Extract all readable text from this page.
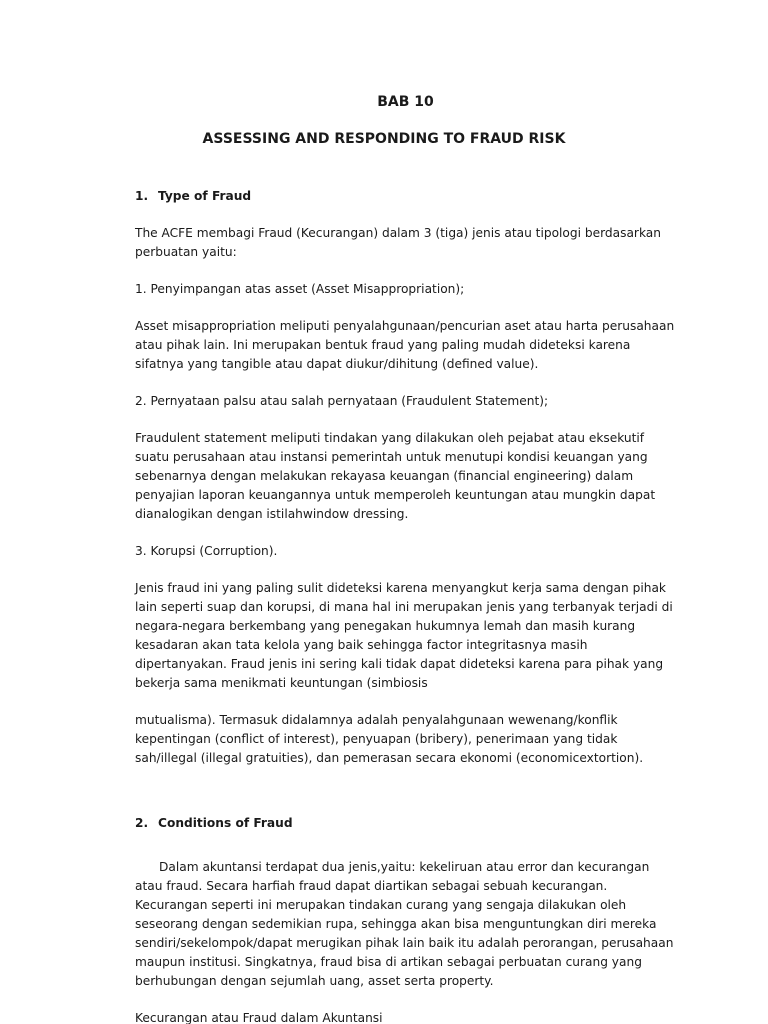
BAB 10

ASSESSING AND RESPONDING TO FRAUD RISK

1. Type of Fraud

The ACFE membagi Fraud (Kecurangan) dalam 3 (tiga) jenis atau tipologi berdasarkan perbuatan yaitu:

1. Penyimpangan atas asset (Asset Misappropriation);

Asset misappropriation meliputi penyalahgunaan/pencurian aset atau harta perusahaan atau pihak lain. Ini merupakan bentuk fraud yang paling mudah dideteksi karena sifatnya yang tangible atau dapat diukur/dihitung (defined value).

2. Pernyataan palsu atau salah pernyataan (Fraudulent Statement);

Fraudulent statement meliputi tindakan yang dilakukan oleh pejabat atau eksekutif suatu perusahaan atau instansi pemerintah untuk menutupi kondisi keuangan yang sebenarnya dengan melakukan rekayasa keuangan (financial engineering) dalam penyajian laporan keuangannya untuk memperoleh keuntungan atau mungkin dapat dianalogikan dengan istilahwindow dressing.

3. Korupsi (Corruption).

Jenis fraud ini yang paling sulit dideteksi karena menyangkut kerja sama dengan pihak lain seperti suap dan korupsi, di mana hal ini merupakan jenis yang terbanyak terjadi di negara-negara berkembang yang penegakan hukumnya lemah dan masih kurang kesadaran akan tata kelola yang baik sehingga factor integritasnya masih dipertanyakan. Fraud jenis ini sering kali tidak dapat dideteksi karena para pihak yang bekerja sama menikmati keuntungan (simbiosis

mutualisma). Termasuk didalamnya adalah penyalahgunaan wewenang/konflik kepentingan (conflict of interest), penyuapan (bribery), penerimaan yang tidak sah/illegal (illegal gratuities), dan pemerasan secara ekonomi (economicextortion).

2. Conditions of Fraud

Dalam akuntansi terdapat dua jenis,yaitu: kekeliruan atau error dan kecurangan atau fraud. Secara harfiah fraud dapat diartikan sebagai sebuah kecurangan. Kecurangan seperti ini merupakan tindakan curang yang sengaja dilakukan oleh seseorang dengan sedemikian rupa, sehingga akan bisa menguntungkan diri mereka sendiri/sekelompok/dapat merugikan pihak lain baik itu adalah perorangan, perusahaan maupun institusi. Singkatnya, fraud bisa di artikan sebagai perbuatan curang yang berhubungan dengan sejumlah uang, asset serta property.

Kecurangan atau Fraud dalam Akuntansi
